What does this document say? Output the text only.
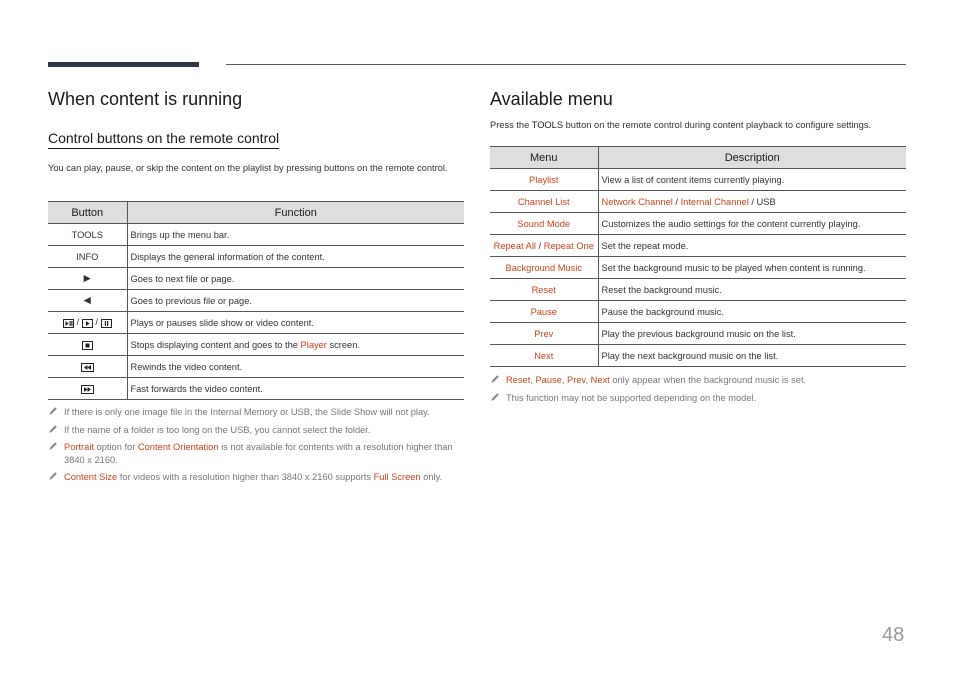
When content is running
Control buttons on the remote control

You can play, pause, or skip the content on the playlist by pressing buttons on the remote control.

Button	Function
TOOLS	Brings up the menu bar.
INFO	Displays the general information of the content.
▶	Goes to next file or page.
◀	Goes to previous file or page.
/ /	Plays or pauses slide show or video content.
	Stops displaying content and goes to the Player screen.
	Rewinds the video content.
	Fast forwards the video content.
If there is only one image file in the Internal Memory or USB, the Slide Show will not play.
If the name of a folder is too long on the USB, you cannot select the folder.
Portrait option for Content Orientation is not available for contents with a resolution higher than 3840 x 2160.
Content Size for videos with a resolution higher than 3840 x 2160 supports Full Screen only.
Available menu

Press the TOOLS button on the remote control during content playback to configure settings.

Menu	Description
Playlist	View a list of content items currently playing.
Channel List	Network Channel / Internal Channel / USB
Sound Mode	Customizes the audio settings for the content currently playing.
Repeat All / Repeat One	Set the repeat mode.
Background Music	Set the background music to be played when content is running.
Reset	Reset the background music.
Pause	Pause the background music.
Prev	Play the previous background music on the list.
Next	Play the next background music on the list.
Reset, Pause, Prev, Next only appear when the background music is set.
This function may not be supported depending on the model.
48
